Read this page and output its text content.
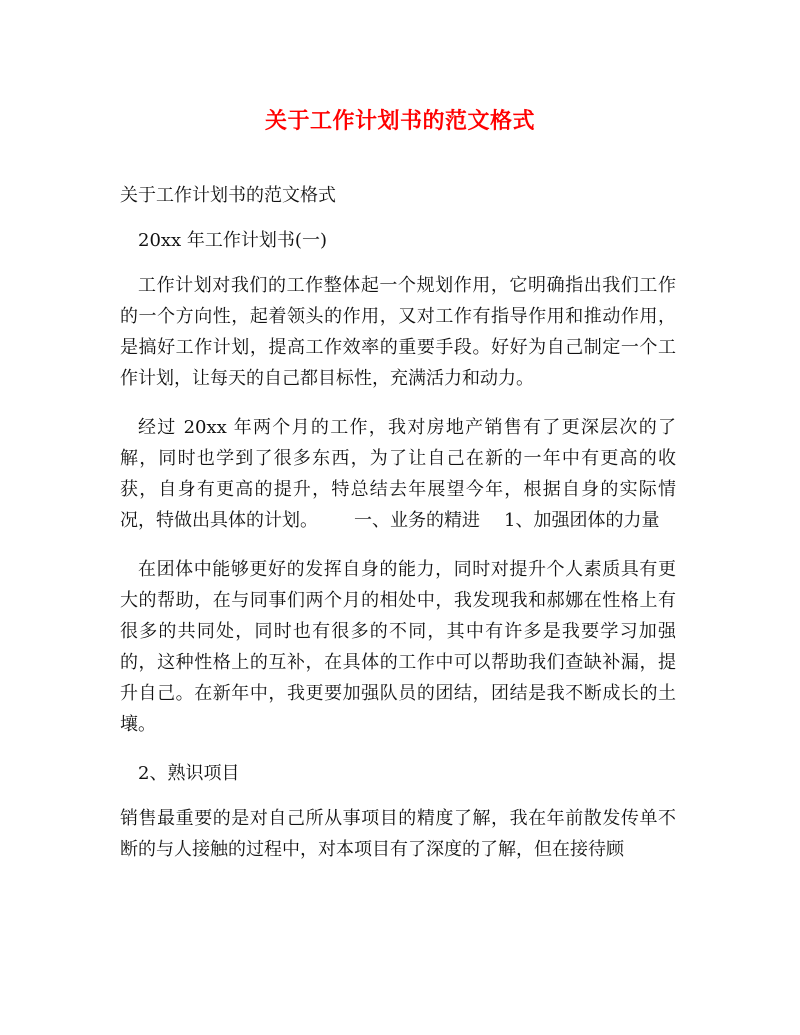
关于工作计划书的范文格式

关于工作计划书的范文格式

20xx 年工作计划书(一)

工作计划对我们的工作整体起一个规划作用，它明确指出我们工作的一个方向性，起着领头的作用，又对工作有指导作用和推动作用，是搞好工作计划，提高工作效率的重要手段。好好为自己制定一个工作计划，让每天的自己都目标性，充满活力和动力。

经过 20xx 年两个月的工作，我对房地产销售有了更深层次的了解，同时也学到了很多东西，为了让自己在新的一年中有更高的收获，自身有更高的提升，特总结去年展望今年，根据自身的实际情况，特做出具体的计划。 一、业务的精进 1、加强团体的力量

在团体中能够更好的发挥自身的能力，同时对提升个人素质具有更大的帮助，在与同事们两个月的相处中，我发现我和郝娜在性格上有很多的共同处，同时也有很多的不同，其中有许多是我要学习加强的，这种性格上的互补，在具体的工作中可以帮助我们查缺补漏，提升自己。在新年中，我更要加强队员的团结，团结是我不断成长的土壤。

2、熟识项目

销售最重要的是对自己所从事项目的精度了解，我在年前散发传单不断的与人接触的过程中，对本项目有了深度的了解，但在接待顾
